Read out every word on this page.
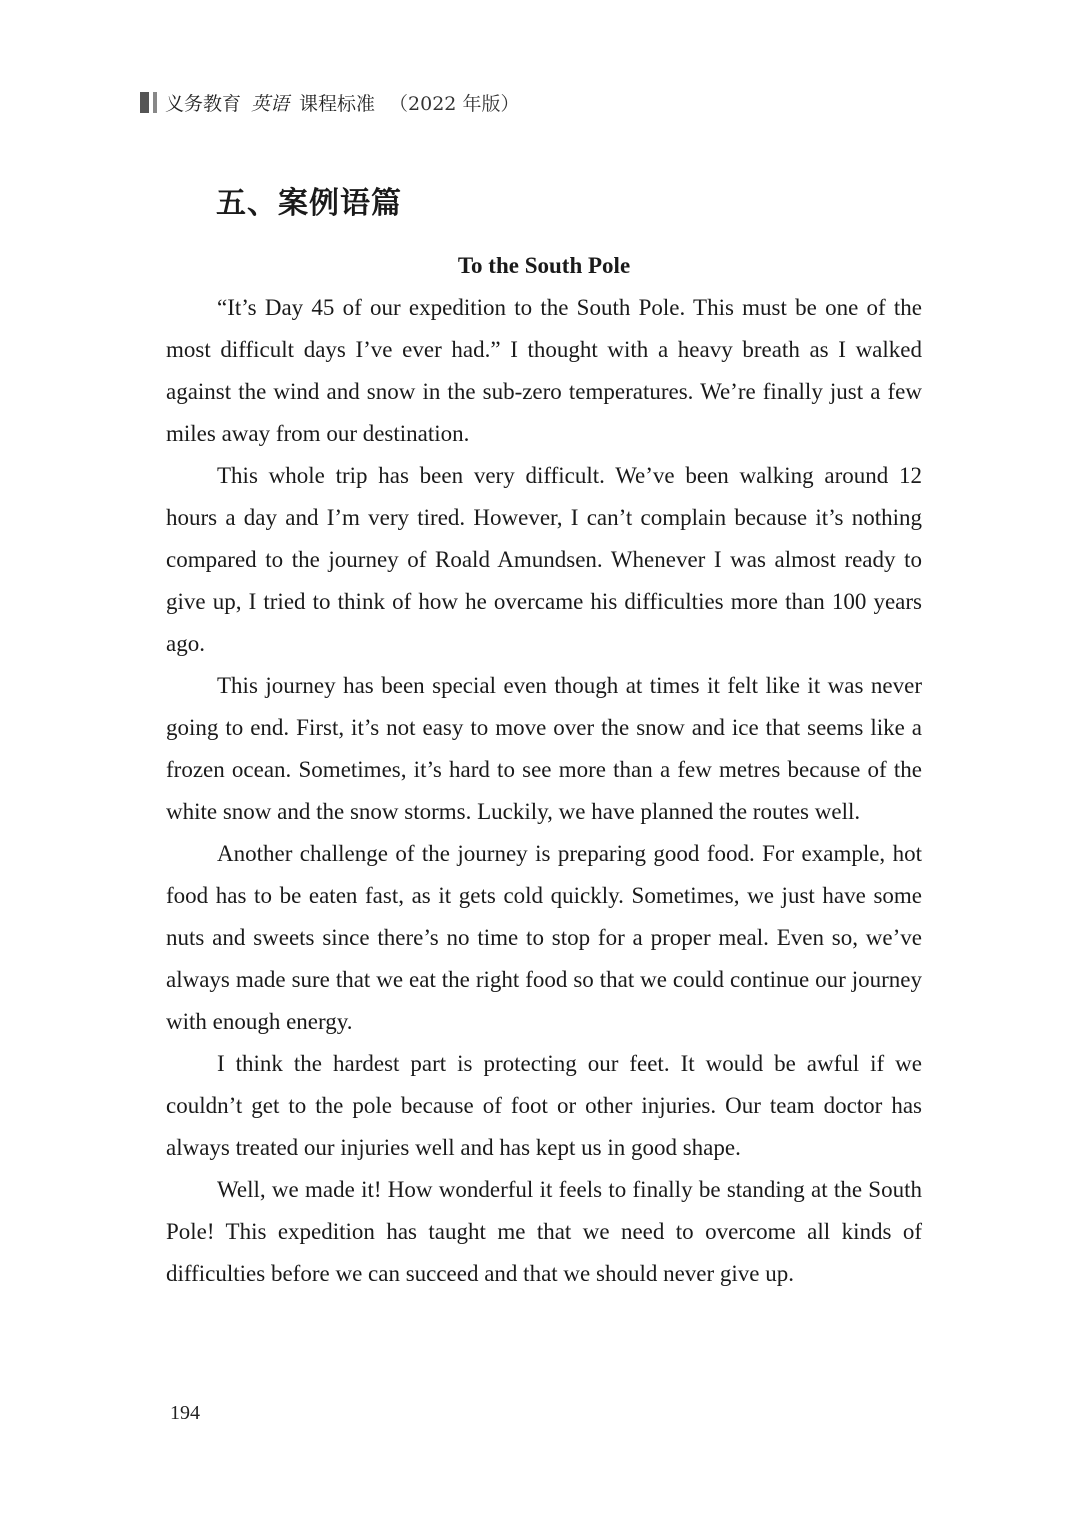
义务教育 英语 课程标准 （2022 年版）
五、案例语篇
To the South Pole

“It’s Day 45 of our expedition to the South Pole. This must be one of the most difficult days I’ve ever had.” I thought with a heavy breath as I walked against the wind and snow in the sub-zero temperatures. We’re finally just a few miles away from our destination.

This whole trip has been very difficult. We’ve been walking around 12 hours a day and I’m very tired. However, I can’t complain because it’s nothing compared to the journey of Roald Amundsen. Whenever I was almost ready to give up, I tried to think of how he overcame his difficulties more than 100 years ago.

This journey has been special even though at times it felt like it was never going to end. First, it’s not easy to move over the snow and ice that seems like a frozen ocean. Sometimes, it’s hard to see more than a few metres because of the white snow and the snow storms. Luckily, we have planned the routes well.

Another challenge of the journey is preparing good food. For example, hot food has to be eaten fast, as it gets cold quickly. Sometimes, we just have some nuts and sweets since there’s no time to stop for a proper meal. Even so, we’ve always made sure that we eat the right food so that we could continue our journey with enough energy.

I think the hardest part is protecting our feet. It would be awful if we couldn’t get to the pole because of foot or other injuries. Our team doctor has always treated our injuries well and has kept us in good shape.

Well, we made it! How wonderful it feels to finally be standing at the South Pole! This expedition has taught me that we need to overcome all kinds of difficulties before we can succeed and that we should never give up.

194
